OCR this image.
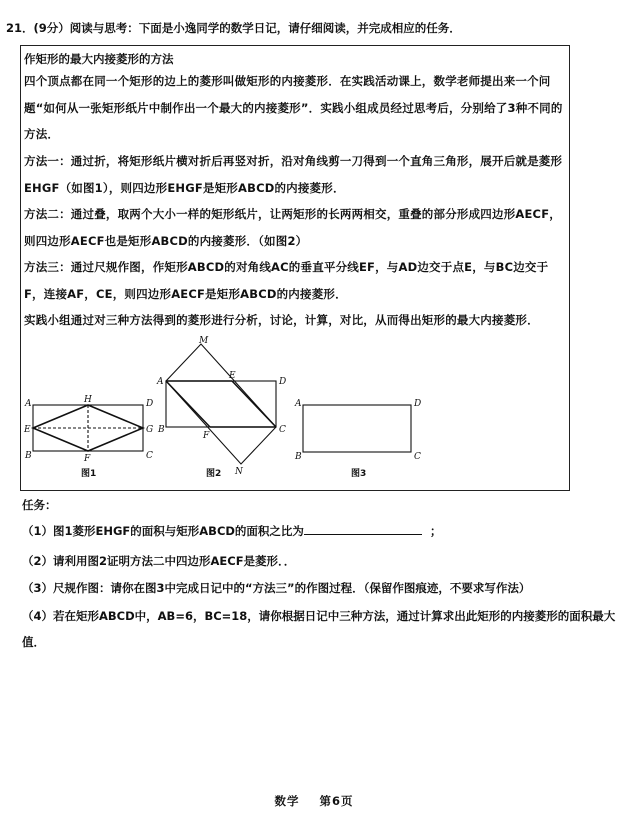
21．(9分）阅读与思考：下面是小逸同学的数学日记，请仔细阅读，并完成相应的任务．
作矩形的最大内接菱形的方法
四个顶点都在同一个矩形的边上的菱形叫做矩形的内接菱形．在实践活动课上，数学老师提出来一个问题“如何从一张矩形纸片中制作出一个最大的内接菱形”．实践小组成员经过思考后，分别给了3种不同的方法．
方法一：通过折，将矩形纸片横对折后再竖对折，沿对角线剪一刀得到一个直角三角形，展开后就是菱形EHGF（如图1），则四边形EHGF是矩形ABCD的内接菱形．
方法二：通过叠，取两个大小一样的矩形纸片，让两矩形的长两两相交，重叠的部分形成四边形AECF，则四边形AECF也是矩形ABCD的内接菱形．（如图2）
方法三：通过尺规作图，作矩形ABCD的对角线AC的垂直平分线EF，与AD边交于点E，与BC边交于F，连接AF，CE，则四边形AECF是矩形ABCD的内接菱形．
实践小组通过对三种方法得到的菱形进行分析，讨论，计算，对比，从而得出矩形的最大内接菱形．
A
B	C
D
E
F
G
H
图1
A
B	C
D
E
F
M
N
图2
A
B	C
D
图3
任务：
（1）图1菱形EHGF的面积与矩形ABCD的面积之比为	；
（2）请利用图2证明方法二中四边形AECF是菱形．．
（3）尺规作图：请你在图3中完成日记中的“方法三”的作图过程．（保留作图痕迹，不要求写作法）
（4）若在矩形ABCD中，AB=6，BC=18，请你根据日记中三种方法，通过计算求出此矩形的内接菱形的面积最大值．
数学 第6页
